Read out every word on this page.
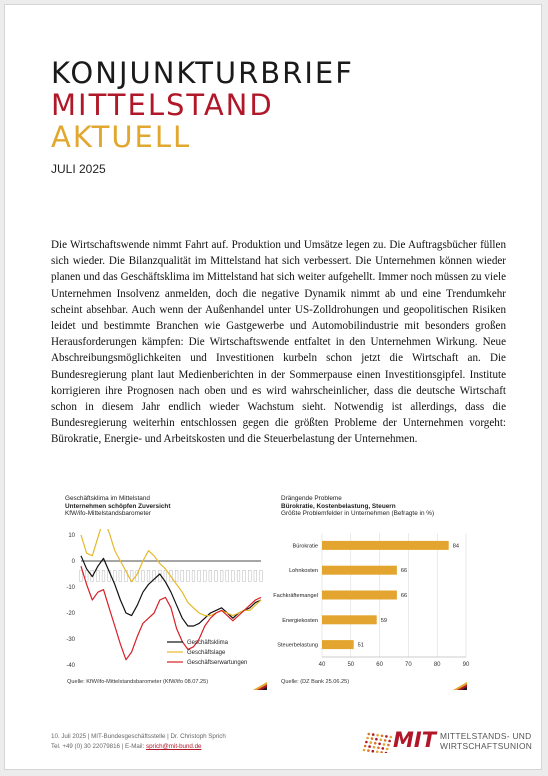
KONJUNKTURBRIEF
MITTELSTAND
AKTUELL
JULI 2025

Die Wirtschaftswende nimmt Fahrt auf. Produktion und Umsätze legen zu. Die Auftragsbücher füllen sich wieder. Die Bilanzqualität im Mittelstand hat sich verbessert. Die Unternehmen können wieder planen und das Geschäftsklima im Mittelstand hat sich weiter aufgehellt. Immer noch müssen zu viele Unternehmen Insolvenz anmelden, doch die negative Dynamik nimmt ab und eine Trendumkehr scheint absehbar. Auch wenn der Außenhandel unter US-Zolldrohungen und geopolitischen Risiken leidet und bestimmte Branchen wie Gastgewerbe und Automobilindustrie mit besonders großen Herausforderungen kämpfen: Die Wirtschaftswende entfaltet in den Unternehmen Wirkung. Neue Abschreibungsmöglichkeiten und Investitionen kurbeln schon jetzt die Wirtschaft an. Die Bundesregierung plant laut Medienberichten in der Sommerpause einen Investitionsgipfel. Institute korrigieren ihre Prognosen nach oben und es wird wahrscheinlicher, dass die deutsche Wirtschaft schon in diesem Jahr endlich wieder Wachstum sieht. Notwendig ist allerdings, dass die Bundesregierung weiterhin entschlossen gegen die größten Probleme der Unternehmen vorgeht: Bürokratie, Energie- und Arbeitskosten und die Steuerbelastung der Unternehmen.

Geschäftsklima im Mittelstand
Unternehmen schöpfen Zuversicht
KfW/ifo-Mittelstandsbarometer
10
0
-10
-20
-30
-40
Geschäftsklima
Geschäftslage
Geschäftserwartungen
Quelle: KfW/ifo-Mittelstandsbarometer (KfW/ifo 08.07.25)
Drängende Probleme
Bürokratie, Kostenbelastung, Steuern
Größte Problemfelder in Unternehmen (Befragte in %)
40	50	60	70	80	90
Bürokratie	84
Lohnkosten	66
Fachkräftemangel	66
Energiekosten	59
Steuerbelastung	51
Quelle: (DZ Bank 25.06.25)
10. Juli 2025 | MIT-Bundesgeschäftsstelle | Dr. Christoph Sprich
Tel. +49 (0) 30 22079816 | E-Mail: sprich@mit-bund.de	MIT MITTELSTANDS- UND
WIRTSCHAFTSUNION
